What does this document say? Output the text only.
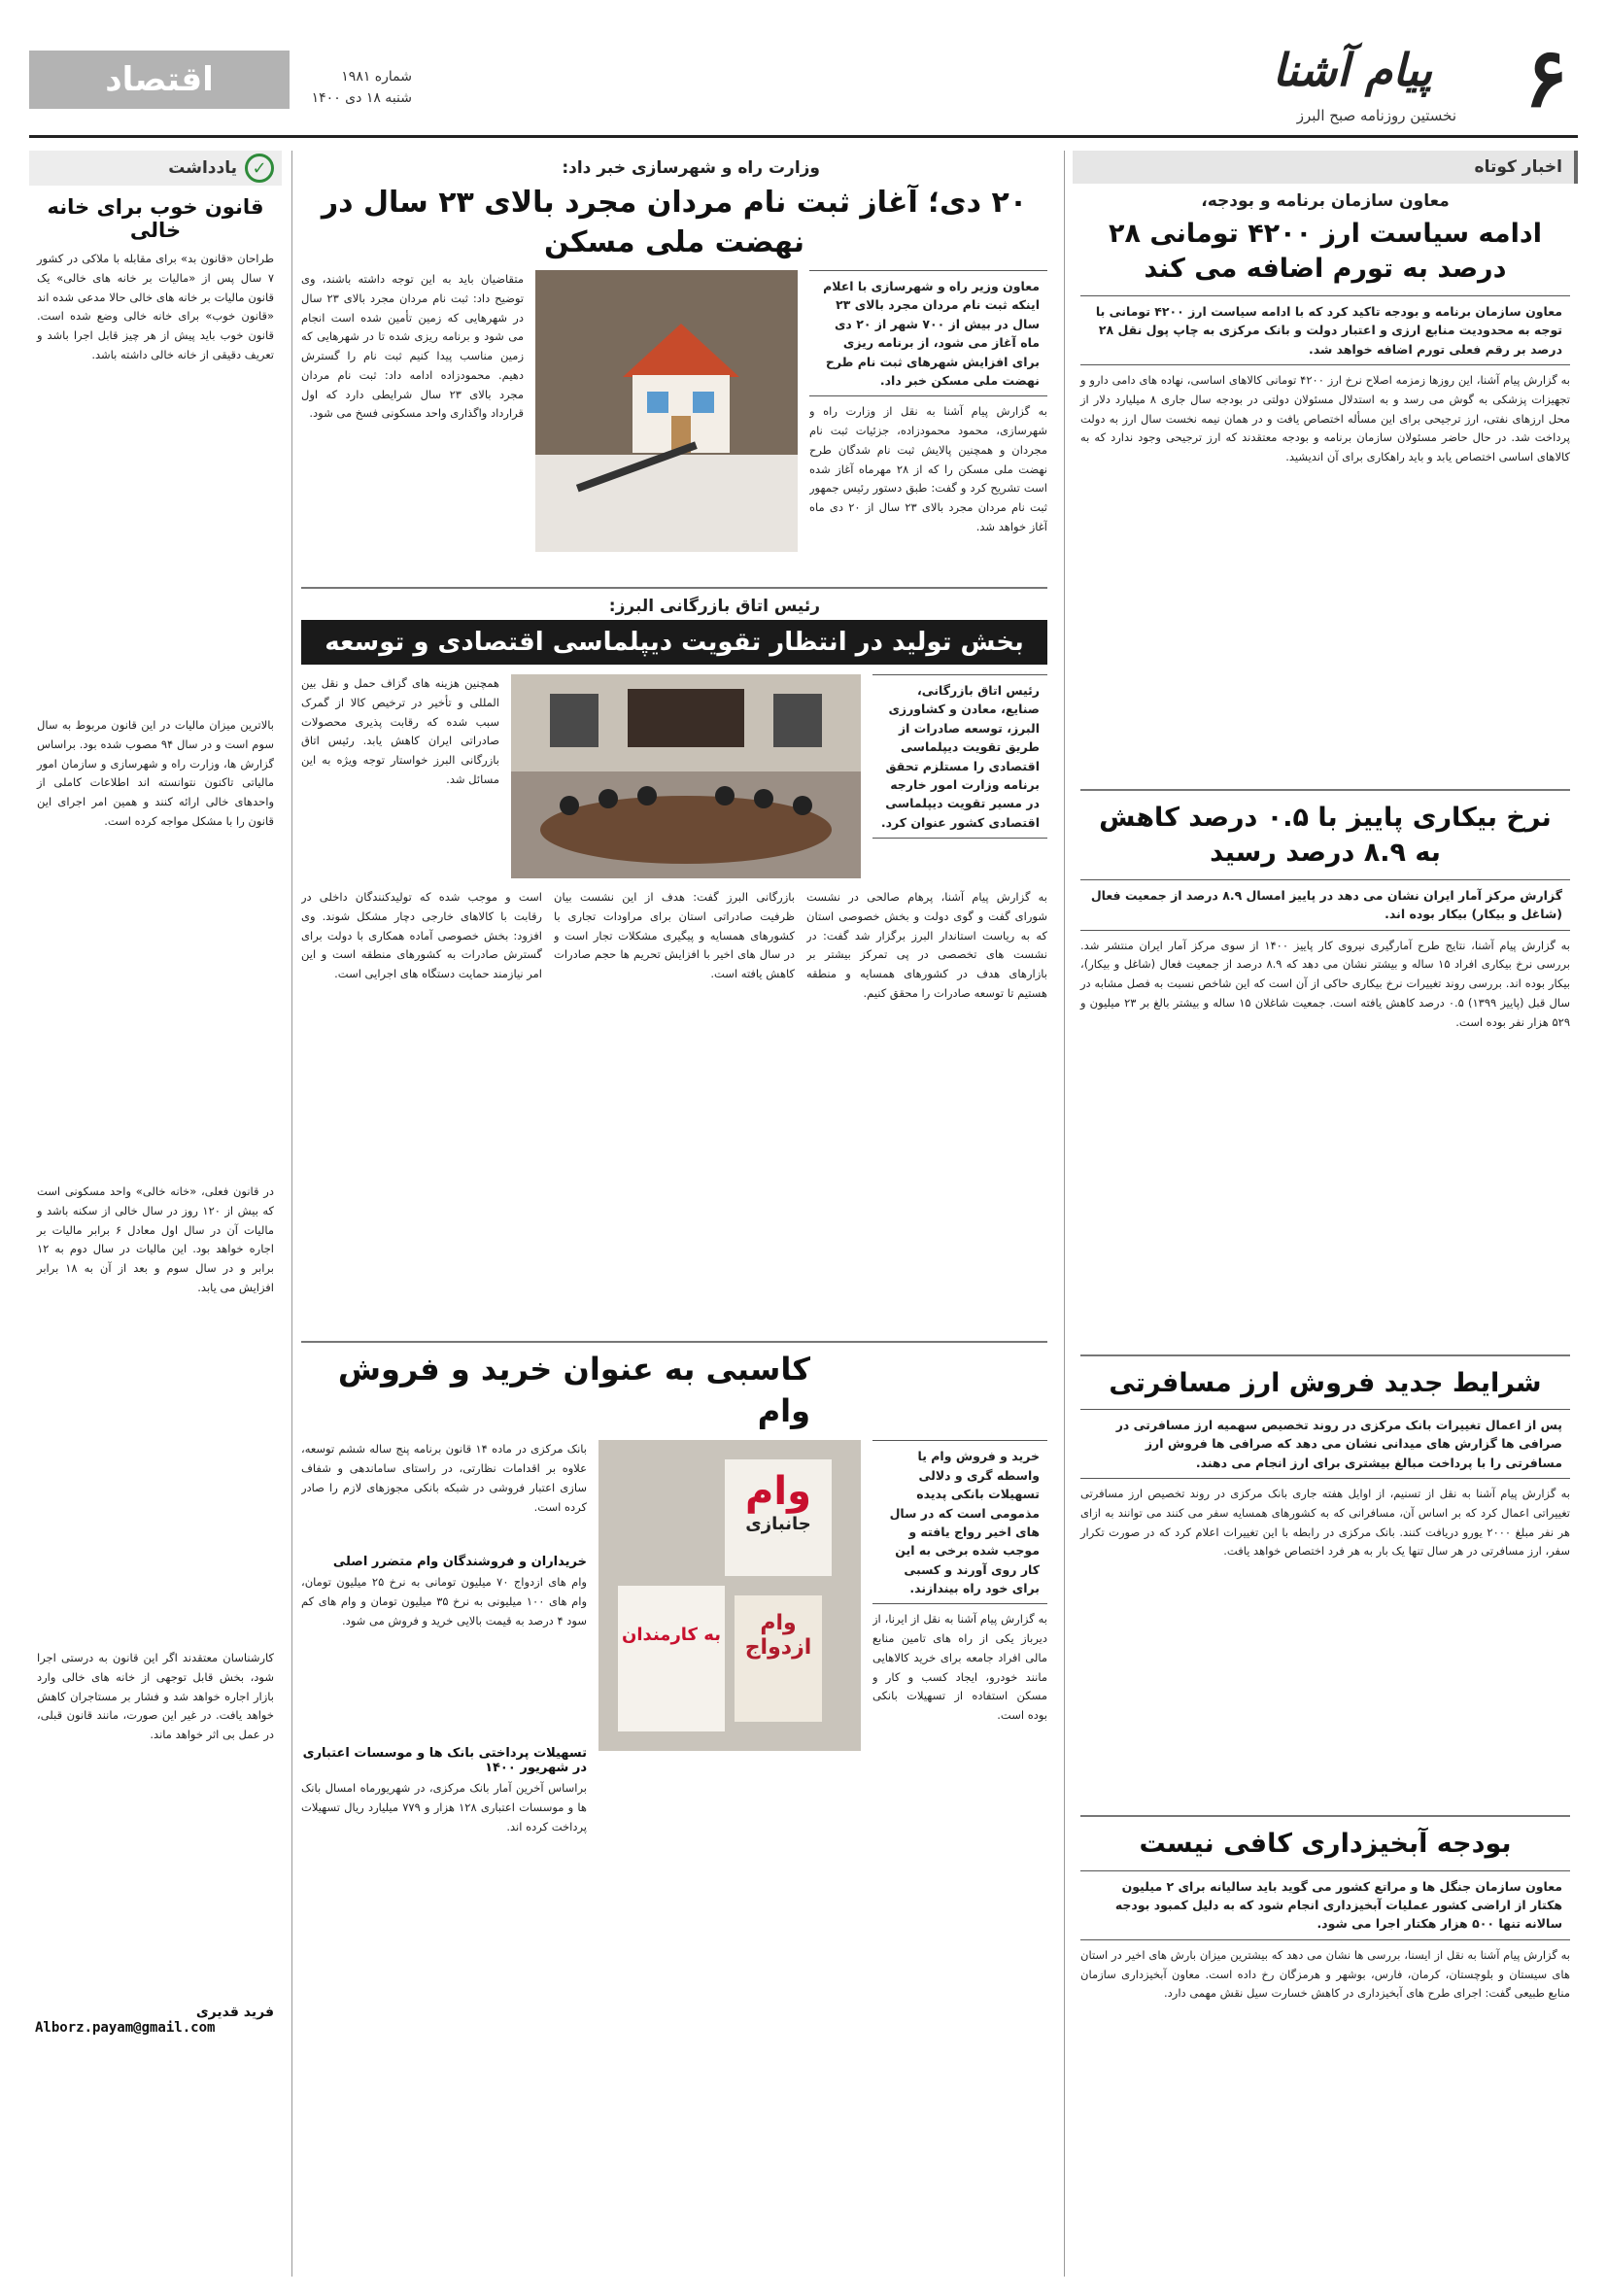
۶
پیام آشنا
نخستین روزنامه صبح البرز
شماره ۱۹۸۱
شنبه ۱۸ دی ۱۴۰۰
اقتصاد
اخبار کوتاه
معاون سازمان برنامه و بودجه،
ادامه سیاست ارز ۴۲۰۰ تومانی ۲۸ درصد به تورم اضافه می کند
معاون سازمان برنامه و بودجه تاکید کرد که با ادامه سیاست ارز ۴۲۰۰ تومانی با توجه به محدودیت منابع ارزی و اعتبار دولت و بانک مرکزی به چاپ پول نقل ۲۸ درصد بر رقم فعلی تورم اضافه خواهد شد.
به گزارش پیام آشنا، این روزها زمزمه اصلاح نرخ ارز ۴۲۰۰ تومانی کالاهای اساسی، نهاده های دامی دارو و تجهیزات پزشکی به گوش می رسد و به استدلال مسئولان دولتی در بودجه سال جاری ۸ میلیارد دلار از محل ارزهای نفتی، ارز ترجیحی برای این مسأله اختصاص یافت و در همان نیمه نخست سال ارز به دولت پرداخت شد. در حال حاضر مسئولان سازمان برنامه و بودجه معتقدند که ارز ترجیحی وجود ندارد که به کالاهای اساسی اختصاص یابد و باید راهکاری برای آن اندیشید.
نرخ بیکاری پاییز با ۰.۵ درصد کاهش به ۸.۹ درصد رسید
گزارش مرکز آمار ایران نشان می دهد در پاییز امسال ۸.۹ درصد از جمعیت فعال (شاغل و بیکار) بیکار بوده اند.
به گزارش پیام آشنا، نتایج طرح آمارگیری نیروی کار پاییز ۱۴۰۰ از سوی مرکز آمار ایران منتشر شد. بررسی نرخ بیکاری افراد ۱۵ ساله و بیشتر نشان می دهد که ۸.۹ درصد از جمعیت فعال (شاغل و بیکار)، بیکار بوده اند. بررسی روند تغییرات نرخ بیکاری حاکی از آن است که این شاخص نسبت به فصل مشابه در سال قبل (پاییز ۱۳۹۹) ۰.۵ درصد کاهش یافته است. جمعیت شاغلان ۱۵ ساله و بیشتر بالغ بر ۲۳ میلیون و ۵۲۹ هزار نفر بوده است.
شرایط جدید فروش ارز مسافرتی
پس از اعمال تغییرات بانک مرکزی در روند تخصیص سهمیه ارز مسافرتی در صرافی ها گزارش های میدانی نشان می دهد که صرافی ها فروش ارز مسافرتی را با پرداخت مبالغ بیشتری برای ارز انجام می دهند.
به گزارش پیام آشنا به نقل از تسنیم، از اوایل هفته جاری بانک مرکزی در روند تخصیص ارز مسافرتی تغییراتی اعمال کرد که بر اساس آن، مسافرانی که به کشورهای همسایه سفر می کنند می توانند به ازای هر نفر مبلغ ۲۰۰۰ یورو دریافت کنند. بانک مرکزی در رابطه با این تغییرات اعلام کرد که در صورت تکرار سفر، ارز مسافرتی در هر سال تنها یک بار به هر فرد اختصاص خواهد یافت.
بودجه آبخیزداری کافی نیست
معاون سازمان جنگل ها و مراتع کشور می گوید باید سالیانه برای ۲ میلیون هکتار از اراضی کشور عملیات آبخیزداری انجام شود که به دلیل کمبود بودجه سالانه تنها ۵۰۰ هزار هکتار اجرا می شود.
به گزارش پیام آشنا به نقل از ایسنا، بررسی ها نشان می دهد که بیشترین میزان بارش های اخیر در استان های سیستان و بلوچستان، کرمان، فارس، بوشهر و هرمزگان رخ داده است. معاون آبخیزداری سازمان منابع طبیعی گفت: اجرای طرح های آبخیزداری در کاهش خسارت سیل نقش مهمی دارد.
وزارت راه و شهرسازی خبر داد:
۲۰ دی؛ آغاز ثبت نام مردان مجرد بالای ۲۳ سال در نهضت ملی مسکن
معاون وزیر راه و شهرسازی با اعلام اینکه ثبت نام مردان مجرد بالای ۲۳ سال در بیش از ۷۰۰ شهر از ۲۰ دی ماه آغاز می شود، از برنامه ریزی برای افزایش شهرهای ثبت نام طرح نهضت ملی مسکن خبر داد.
به گزارش پیام آشنا به نقل از وزارت راه و شهرسازی، محمود محمودزاده، جزئیات ثبت نام مجردان و همچنین پالایش ثبت نام شدگان طرح نهضت ملی مسکن را که از ۲۸ مهرماه آغاز شده است تشریح کرد و گفت: طبق دستور رئیس جمهور ثبت نام مردان مجرد بالای ۲۳ سال از ۲۰ دی ماه آغاز خواهد شد.
متقاضیان باید به این توجه داشته باشند، وی توضیح داد: ثبت نام مردان مجرد بالای ۲۳ سال در شهرهایی که زمین تأمین شده است انجام می شود و برنامه ریزی شده تا در شهرهایی که زمین مناسب پیدا کنیم ثبت نام را گسترش دهیم. محمودزاده ادامه داد: ثبت نام مردان مجرد بالای ۲۳ سال شرایطی دارد که اول قرارداد واگذاری واحد مسکونی فسخ می شود.
رئیس اتاق بازرگانی البرز:
بخش تولید در انتظار تقویت دیپلماسی اقتصادی و توسعه
رئیس اتاق بازرگانی، صنایع، معادن و کشاورزی البرز، توسعه صادرات از طریق تقویت دیپلماسی اقتصادی را مستلزم تحقق برنامه وزارت امور خارجه در مسیر تقویت دیپلماسی اقتصادی کشور عنوان کرد.
همچنین هزینه های گزاف حمل و نقل بین المللی و تأخیر در ترخیص کالا از گمرک سبب شده که رقابت پذیری محصولات صادراتی ایران کاهش یابد. رئیس اتاق بازرگانی البرز خواستار توجه ویژه به این مسائل شد.
به گزارش پیام آشنا، پرهام صالحی در نشست شورای گفت و گوی دولت و بخش خصوصی استان که به ریاست استاندار البرز برگزار شد گفت: در نشست های تخصصی در پی تمرکز بیشتر بر بازارهای هدف در کشورهای همسایه و منطقه هستیم تا توسعه صادرات را محقق کنیم.
بازرگانی البرز گفت: هدف از این نشست بیان ظرفیت صادراتی استان برای مراودات تجاری با کشورهای همسایه و پیگیری مشکلات تجار است و در سال های اخیر با افزایش تحریم ها حجم صادرات کاهش یافته است.
است و موجب شده که تولیدکنندگان داخلی در رقابت با کالاهای خارجی دچار مشکل شوند. وی افزود: بخش خصوصی آماده همکاری با دولت برای گسترش صادرات به کشورهای منطقه است و این امر نیازمند حمایت دستگاه های اجرایی است.
کاسبی به عنوان خرید و فروش وام
خرید و فروش وام یا واسطه گری و دلالی تسهیلات بانکی پدیده مذمومی است که در سال های اخیر رواج یافته و موجب شده برخی به این کار روی آورند و کسبی برای خود راه بیندازند.
به گزارش پیام آشنا به نقل از ایرنا، از دیرباز یکی از راه های تامین منابع مالی افراد جامعه برای خرید کالاهایی مانند خودرو، ایجاد کسب و کار و مسکن استفاده از تسهیلات بانکی بوده است.
وام
جانبازی
وام ازدواج
به کارمندان
بانک مرکزی در ماده ۱۴ قانون برنامه پنج ساله ششم توسعه، علاوه بر اقدامات نظارتی، در راستای ساماندهی و شفاف سازی اعتبار فروشی در شبکه بانکی مجوزهای لازم را صادر کرده است.
خریداران و فروشندگان وام متضرر اصلی
وام های ازدواج ۷۰ میلیون تومانی به نرخ ۲۵ میلیون تومان، وام های ۱۰۰ میلیونی به نرخ ۳۵ میلیون تومان و وام های کم سود ۴ درصد به قیمت بالایی خرید و فروش می شود.
تسهیلات پرداختی بانک ها و موسسات اعتباری در شهریور ۱۴۰۰
براساس آخرین آمار بانک مرکزی، در شهریورماه امسال بانک ها و موسسات اعتباری ۱۲۸ هزار و ۷۷۹ میلیارد ریال تسهیلات پرداخت کرده اند.
✓
یادداشت
قانون خوب برای خانه خالی
طراحان «قانون بد» برای مقابله با ملاکی در کشور ۷ سال پس از «مالیات بر خانه های خالی» یک قانون مالیات بر خانه های خالی حالا مدعی شده اند «قانون خوب» برای خانه خالی وضع شده است. قانون خوب باید پیش از هر چیز قابل اجرا باشد و تعریف دقیقی از خانه خالی داشته باشد.
بالاترین میزان مالیات در این قانون مربوط به سال سوم است و در سال ۹۴ مصوب شده بود. براساس گزارش ها، وزارت راه و شهرسازی و سازمان امور مالیاتی تاکنون نتوانسته اند اطلاعات کاملی از واحدهای خالی ارائه کنند و همین امر اجرای این قانون را با مشکل مواجه کرده است.
در قانون فعلی، «خانه خالی» واحد مسکونی است که بیش از ۱۲۰ روز در سال خالی از سکنه باشد و مالیات آن در سال اول معادل ۶ برابر مالیات بر اجاره خواهد بود. این مالیات در سال دوم به ۱۲ برابر و در سال سوم و بعد از آن به ۱۸ برابر افزایش می یابد.
کارشناسان معتقدند اگر این قانون به درستی اجرا شود، بخش قابل توجهی از خانه های خالی وارد بازار اجاره خواهد شد و فشار بر مستاجران کاهش خواهد یافت. در غیر این صورت، مانند قانون قبلی، در عمل بی اثر خواهد ماند.
فرید قدیری
Alborz.payam@gmail.com
